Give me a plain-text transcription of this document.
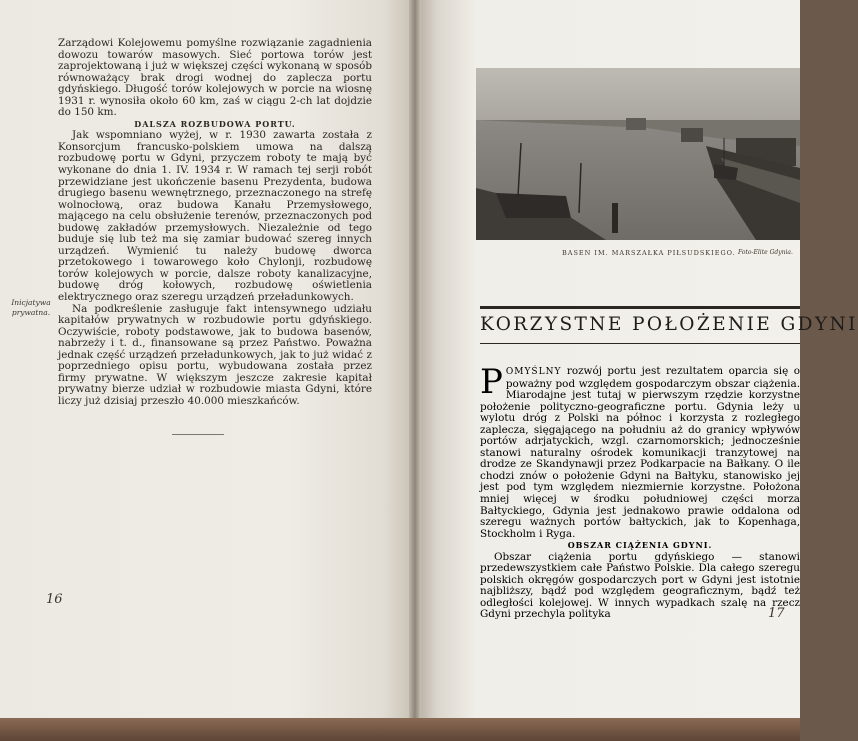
Zarządowi Kolejowemu pomyślne rozwiązanie zagadnienia dowozu towarów masowych. Sieć portowa torów jest zaprojektowaną i już w większej części wykonaną w sposób równoważący brak drogi wodnej do zaplecza portu gdyńskiego. Długość torów kolejowych w porcie na wiosnę 1931 r. wynosiła około 60 km, zaś w ciągu 2-ch lat dojdzie do 150 km.

DALSZA ROZBUDOWA PORTU.

Jak wspomniano wyżej, w r. 1930 zawarta została z Konsorcjum francusko-polskiem umowa na dalszą rozbudowę portu w Gdyni, przyczem roboty te mają być wykonane do dnia 1. IV. 1934 r. W ramach tej serji robót przewidziane jest ukończenie basenu Prezydenta, budowa drugiego basenu wewnętrznego, przeznaczonego na strefę wolnocłową, oraz budowa Kanału Przemysłowego, mającego na celu obsłużenie terenów, przeznaczonych pod budowę zakładów przemysłowych. Niezależnie od tego buduje się lub też ma się zamiar budować szereg innych urządzeń. Wymienić tu należy budowę dworca przetokowego i towarowego koło Chylonji, rozbudowę torów kolejowych w porcie, dalsze roboty kanalizacyjne, budowę dróg kołowych, rozbudowę oświetlenia elektrycznego oraz szeregu urządzeń przeładunkowych.

Na podkreślenie zasługuje fakt intensywnego udziału kapitałów prywatnych w rozbudowie portu gdyńskiego. Oczywiście, roboty podstawowe, jak to budowa basenów, nabrzeży i t. d., finansowane są przez Państwo. Poważna jednak część urządzeń przeładunkowych, jak to już widać z poprzedniego opisu portu, wybudowana została przez firmy prywatne. W większym jeszcze zakresie kapitał prywatny bierze udział w rozbudowie miasta Gdyni, które liczy już dzisiaj przeszło 40.000 mieszkańców.

Inicjatywa prywatna.
16
BASEN IM. MARSZAŁKA PIŁSUDSKIEGO. Foto-Elite Gdynia.
KORZYSTNE POŁOŻENIE GDYNI

POMYŚLNY rozwój portu jest rezultatem oparcia się o poważny pod względem gospodarczym obszar ciążenia. Miarodajne jest tutaj w pierwszym rzędzie korzystne położenie polityczno-geograficzne portu. Gdynia leży u wylotu dróg z Polski na północ i korzysta z rozległego zaplecza, sięgającego na południu aż do granicy wpływów portów adrjatyckich, wzgl. czarnomorskich; jednocześnie stanowi naturalny ośrodek komunikacji tranzytowej na drodze ze Skandynawji przez Podkarpacie na Bałkany. O ile chodzi znów o położenie Gdyni na Bałtyku, stanowisko jej jest pod tym względem niezmiernie korzystne. Położona mniej więcej w środku południowej części morza Bałtyckiego, Gdynia jest jednakowo prawie oddalona od szeregu ważnych portów bałtyckich, jak to Kopenhaga, Stockholm i Ryga.

OBSZAR CIĄŻENIA GDYNI.

Obszar ciążenia portu gdyńskiego — stanowi przedewszystkiem całe Państwo Polskie. Dla całego szeregu polskich okręgów gospodarczych port w Gdyni jest istotnie najbliższy, bądź pod względem geograficznym, bądź też odległości kolejowej. W innych wypadkach szalę na rzecz Gdyni przechyla polityka	17
